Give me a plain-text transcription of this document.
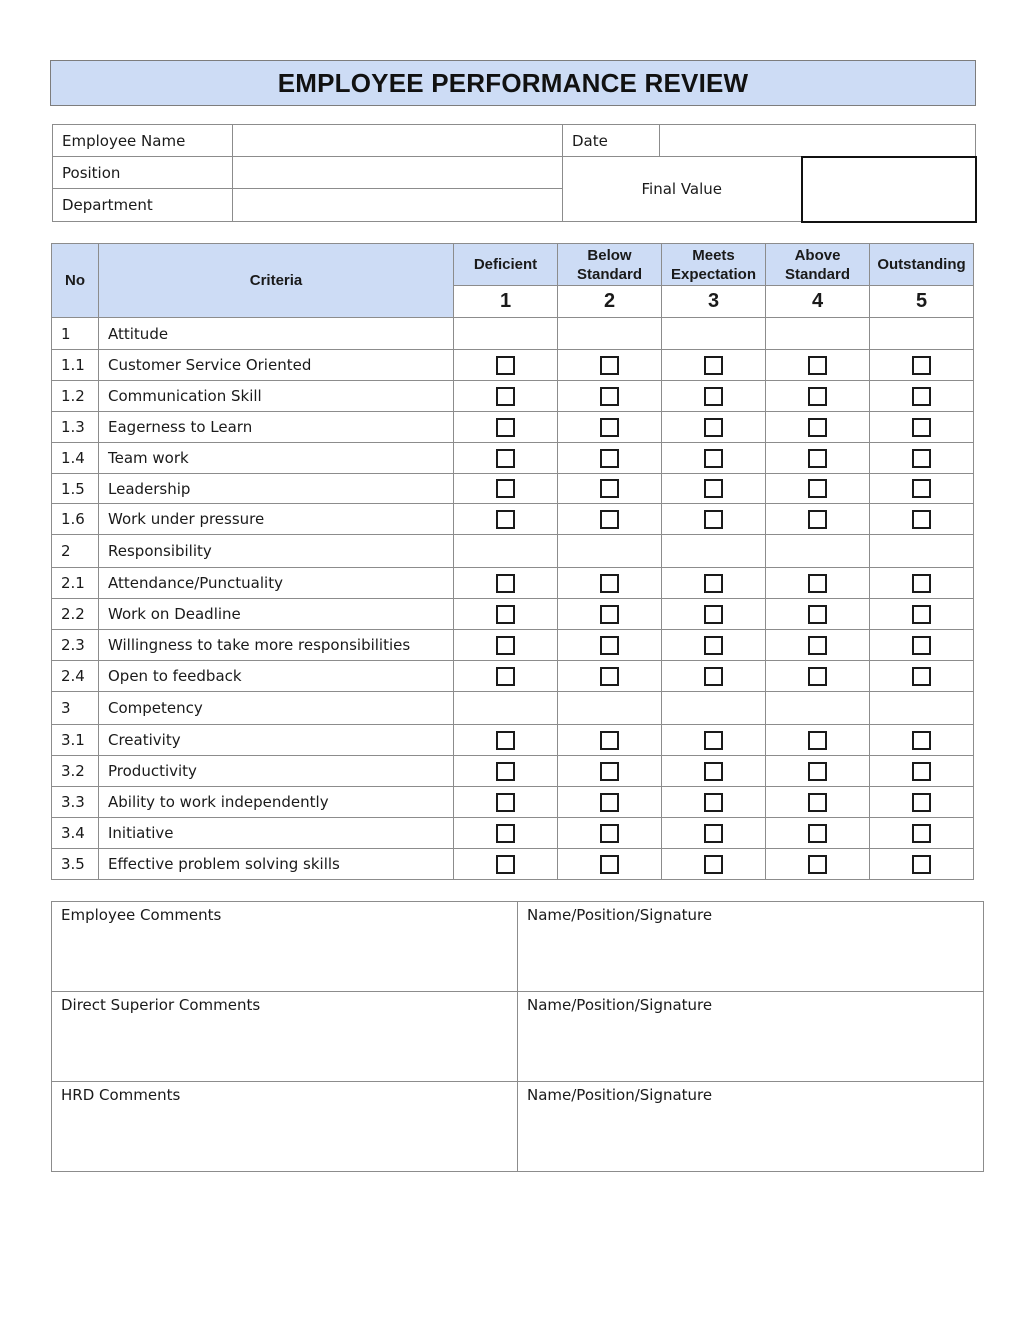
EMPLOYEE PERFORMANCE REVIEW
Employee Name		Date		
Position		Final Value		
Department				
No	Criteria	Deficient	Below Standard	Meets Expectation	Above Standard	Outstanding
		1	2	3	4	5
1	Attitude					
1.1	Customer Service Oriented					
1.2	Communication Skill					
1.3	Eagerness to Learn					
1.4	Team work					
1.5	Leadership					
1.6	Work under pressure					
2	Responsibility					
2.1	Attendance/Punctuality					
2.2	Work on Deadline					
2.3	Willingness to take more responsibilities					
2.4	Open to feedback					
3	Competency					
3.1	Creativity					
3.2	Productivity					
3.3	Ability to work independently					
3.4	Initiative					
3.5	Effective problem solving skills					
Employee Comments	Name/Position/Signature
Direct Superior Comments	Name/Position/Signature
HRD Comments	Name/Position/Signature
